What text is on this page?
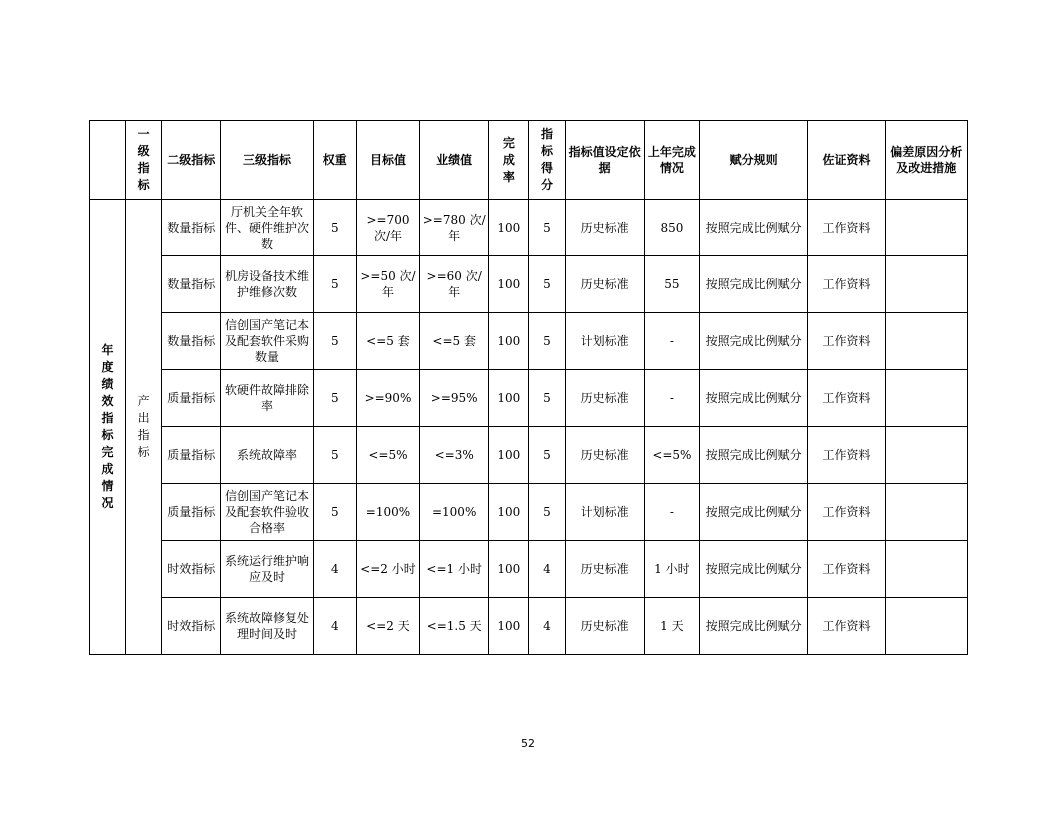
	一级指标	二级指标	三级指标	权重	目标值	业绩值	完成率	指标得分	指标值设定依据	上年完成情况	赋分规则	佐证资料	偏差原因分析及改进措施

年度绩效指标完成情况	产出指标	数量指标	厅机关全年软件、硬件维护次数	5	>=700 次/年	>=780 次/年	100	5	历史标准	850	按照完成比例赋分	工作资料	
		数量指标	机房设备技术维护维修次数	5	>=50 次/年	>=60 次/年	100	5	历史标准	55	按照完成比例赋分	工作资料	
		数量指标	信创国产笔记本及配套软件采购数量	5	<=5 套	<=5 套	100	5	计划标准	-	按照完成比例赋分	工作资料	
		质量指标	软硬件故障排除率	5	>=90%	>=95%	100	5	历史标准	-	按照完成比例赋分	工作资料	
		质量指标	系统故障率	5	<=5%	<=3%	100	5	历史标准	<=5%	按照完成比例赋分	工作资料	
		质量指标	信创国产笔记本及配套软件验收合格率	5	=100%	=100%	100	5	计划标准	-	按照完成比例赋分	工作资料	
		时效指标	系统运行维护响应及时	4	<=2 小时	<=1 小时	100	4	历史标准	1 小时	按照完成比例赋分	工作资料	
		时效指标	系统故障修复处理时间及时	4	<=2 天	<=1.5 天	100	4	历史标准	1 天	按照完成比例赋分	工作资料	
52
